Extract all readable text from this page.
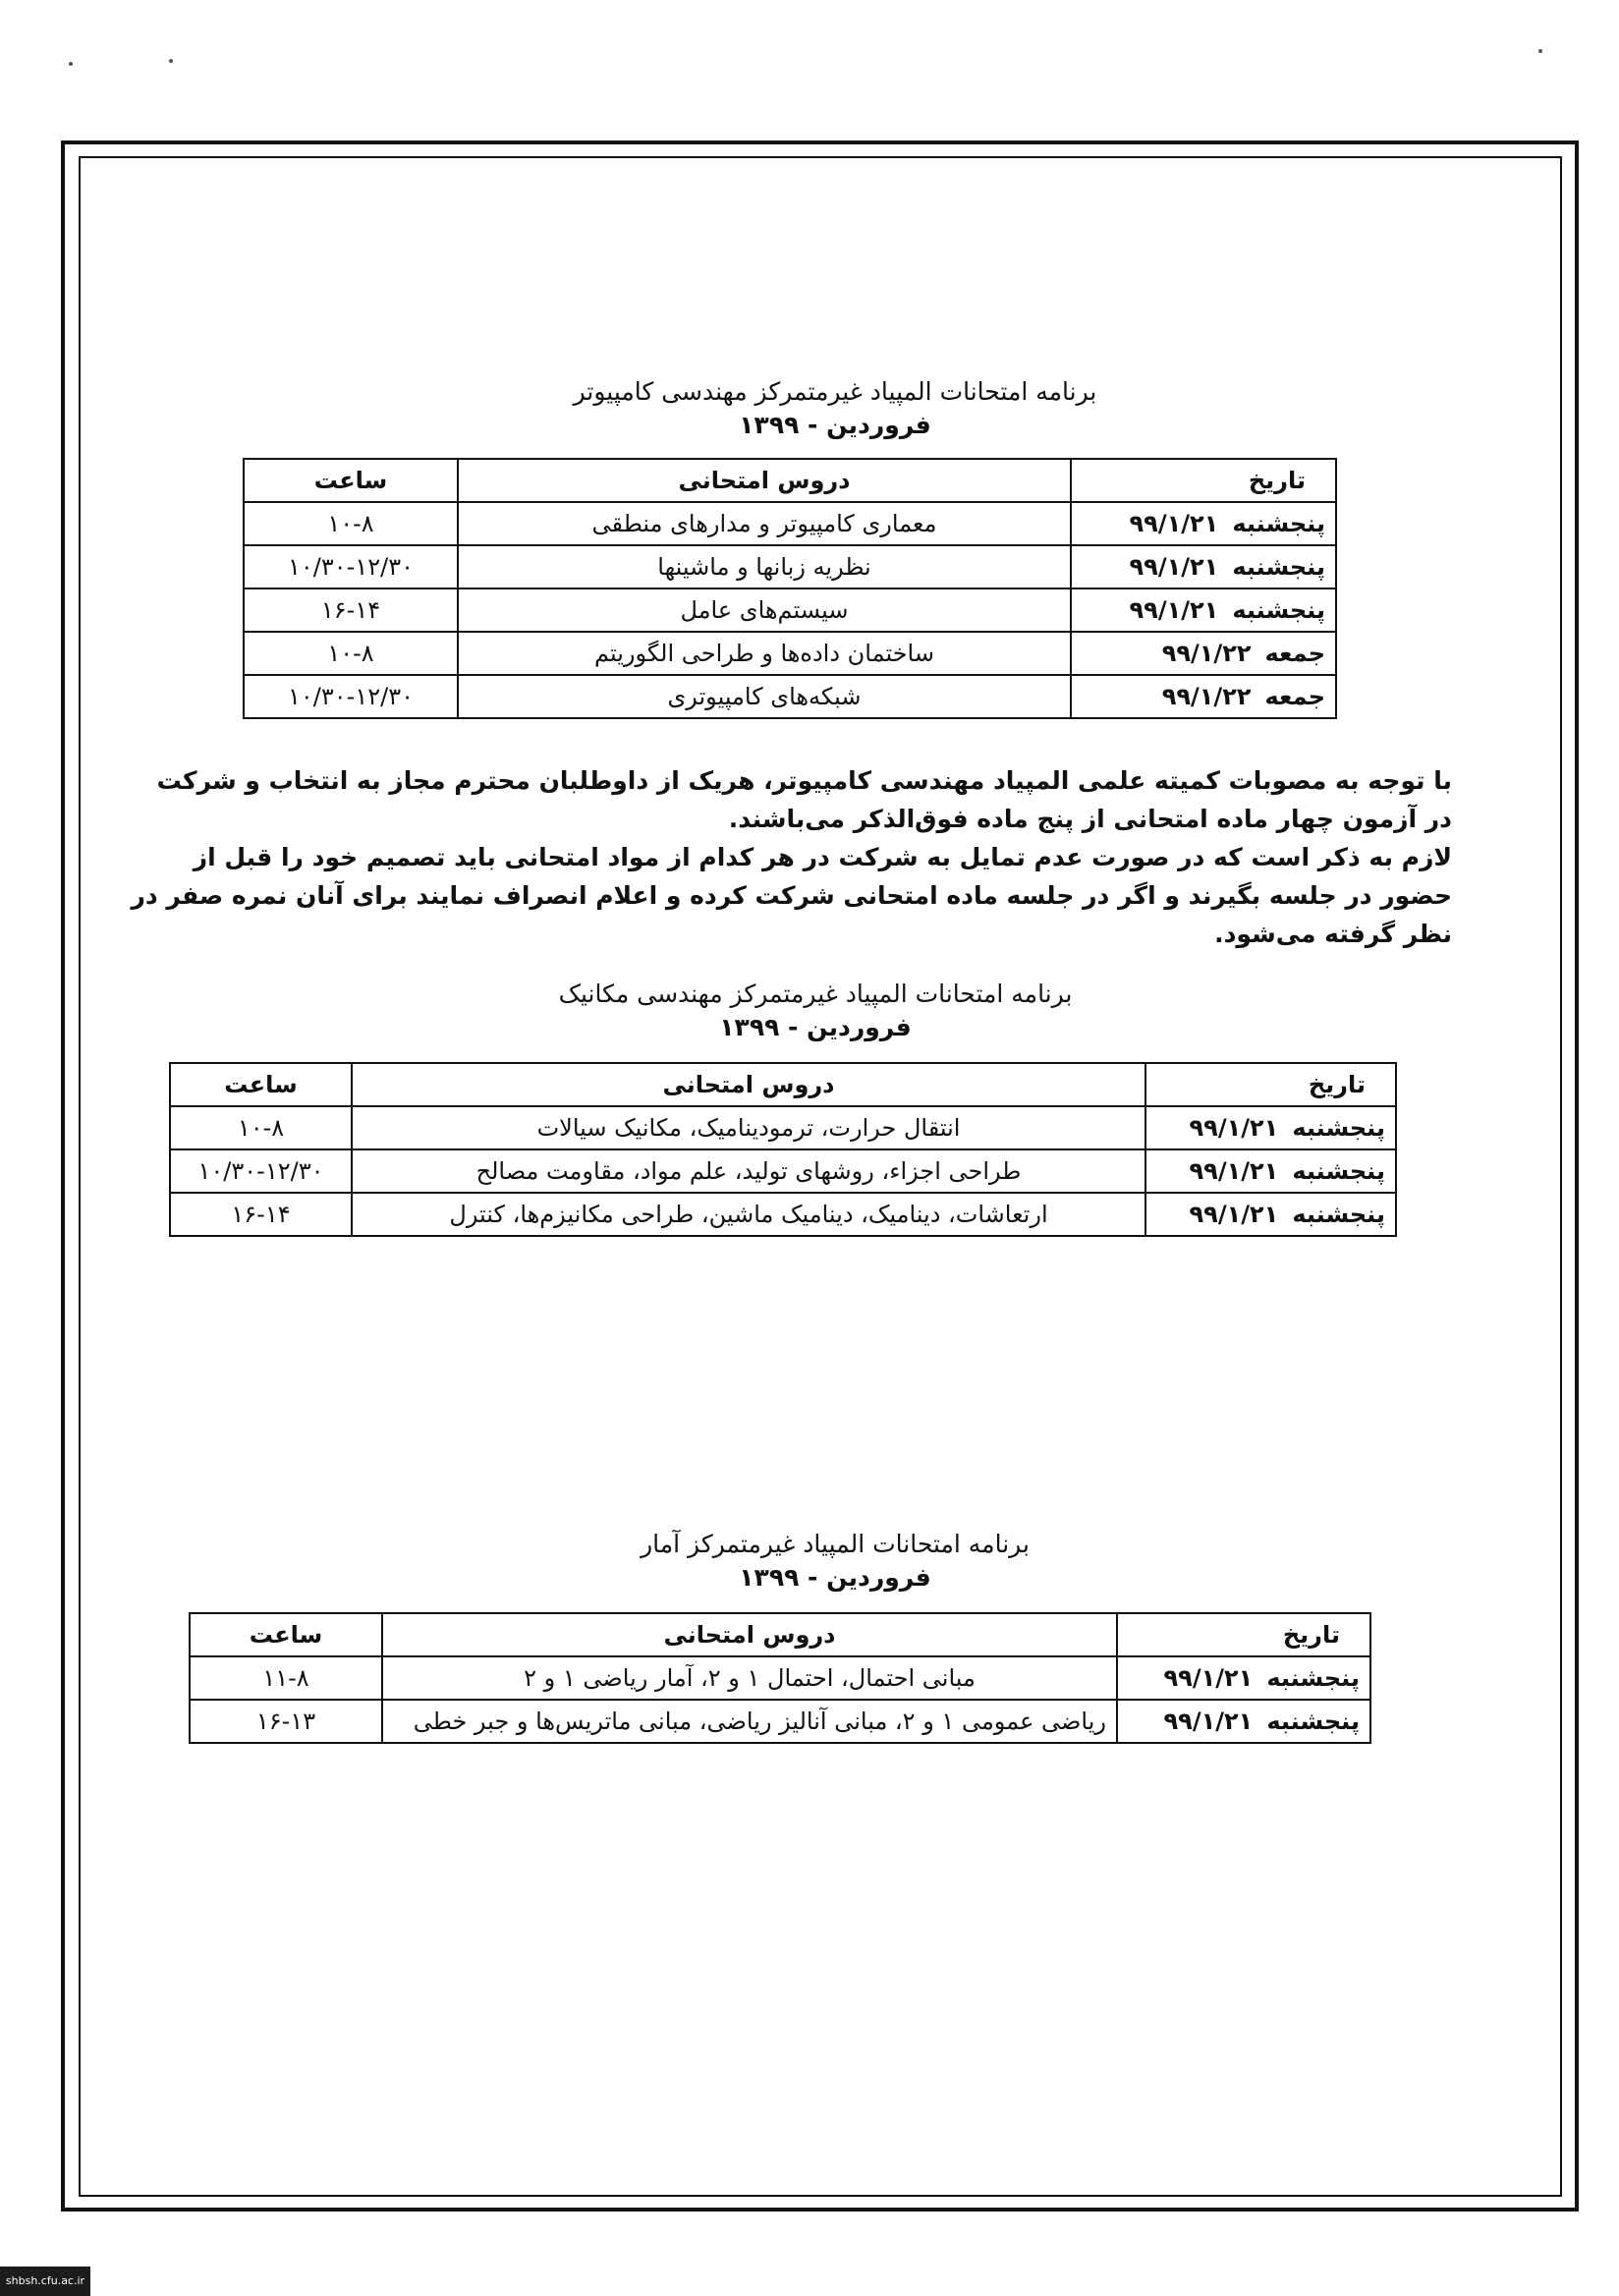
برنامه امتحانات المپیاد غیرمتمرکز مهندسی کامپیوتر
فروردین - ۱۳۹۹
تاریخ	دروس امتحانی	ساعت
پنجشنبه۹۹/۱/۲۱	معماری کامپیوتر و مدارهای منطقی	۱۰-۸
پنجشنبه۹۹/۱/۲۱	نظریه زبانها و ماشینها	۱۰/۳۰-۱۲/۳۰
پنجشنبه۹۹/۱/۲۱	سیستم‌های عامل	۱۶-۱۴
جمعه۹۹/۱/۲۲	ساختمان داده‌ها و طراحی الگوریتم	۱۰-۸
جمعه۹۹/۱/۲۲	شبکه‌های کامپیوتری	۱۰/۳۰-۱۲/۳۰

با توجه به مصوبات کمیته علمی المپیاد مهندسی کامپیوتر، هریک از داوطلبان محترم مجاز به انتخاب و شرکت در آزمون چهار ماده امتحانی از پنج ماده فوق‌الذکر می‌باشند.

لازم به ذکر است که در صورت عدم تمایل به شرکت در هر کدام از مواد امتحانی باید تصمیم خود را قبل از حضور در جلسه بگیرند و اگر در جلسه ماده امتحانی شرکت کرده و اعلام انصراف نمایند برای آنان نمره صفر در نظر گرفته می‌شود.

برنامه امتحانات المپیاد غیرمتمرکز مهندسی مکانیک
فروردین - ۱۳۹۹
تاریخ	دروس امتحانی	ساعت
پنجشنبه۹۹/۱/۲۱	انتقال حرارت، ترمودینامیک، مکانیک سیالات	۱۰-۸
پنجشنبه۹۹/۱/۲۱	طراحی اجزاء، روشهای تولید، علم مواد، مقاومت مصالح	۱۰/۳۰-۱۲/۳۰
پنجشنبه۹۹/۱/۲۱	ارتعاشات، دینامیک، دینامیک ماشین، طراحی مکانیزم‌ها، کنترل	۱۶-۱۴
برنامه امتحانات المپیاد غیرمتمرکز آمار
فروردین - ۱۳۹۹
تاریخ	دروس امتحانی	ساعت
پنجشنبه۹۹/۱/۲۱	مبانی احتمال، احتمال ۱ و ۲، آمار ریاضی ۱ و ۲	۱۱-۸
پنجشنبه۹۹/۱/۲۱	ریاضی عمومی ۱ و ۲، مبانی آنالیز ریاضی، مبانی ماتریس‌ها و جبر خطی	۱۶-۱۳
shbsh.cfu.ac.ir
